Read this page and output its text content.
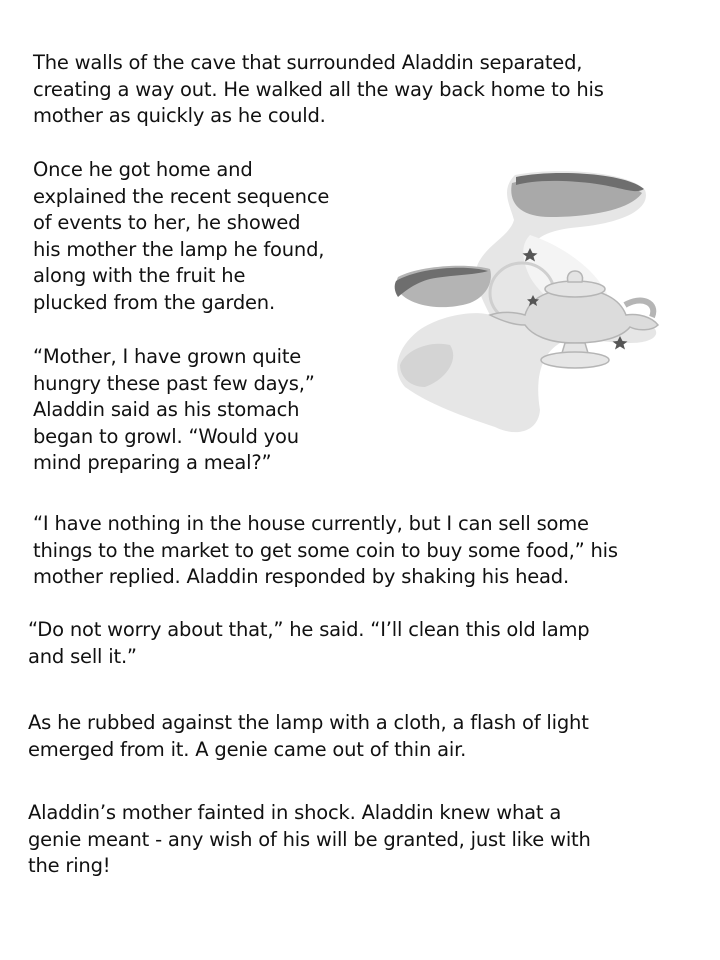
The walls of the cave that surrounded Aladdin separated,
creating a way out. He walked all the way back home to his
mother as quickly as he could.

Once he got home and
explained the recent sequence
of events to her, he showed
his mother the lamp he found,
along with the fruit he
plucked from the garden.

“Mother, I have grown quite
hungry these past few days,”
Aladdin said as his stomach
began to growl. “Would you
mind preparing a meal?”

“I have nothing in the house currently, but I can sell some
things to the market to get some coin to buy some food,” his
mother replied. Aladdin responded by shaking his head.

“Do not worry about that,” he said. “I’ll clean this old lamp
and sell it.”

As he rubbed against the lamp with a cloth, a flash of light
emerged from it. A genie came out of thin air.

Aladdin’s mother fainted in shock. Aladdin knew what a
genie meant - any wish of his will be granted, just like with
the ring!
